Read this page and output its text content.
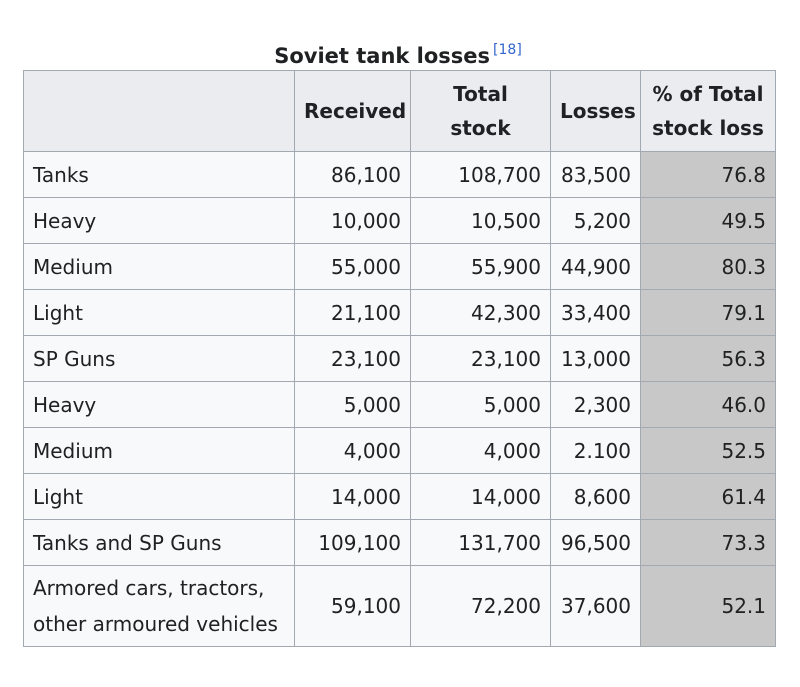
Soviet tank losses [18]
	Received	Total stock	Losses	% of Total stock loss
Tanks	86,100	108,700	83,500	76.8
Heavy	10,000	10,500	5,200	49.5
Medium	55,000	55,900	44,900	80.3
Light	21,100	42,300	33,400	79.1
SP Guns	23,100	23,100	13,000	56.3
Heavy	5,000	5,000	2,300	46.0
Medium	4,000	4,000	2.100	52.5
Light	14,000	14,000	8,600	61.4
Tanks and SP Guns	109,100	131,700	96,500	73.3
Armored cars, tractors, other armoured vehicles	59,100	72,200	37,600	52.1
